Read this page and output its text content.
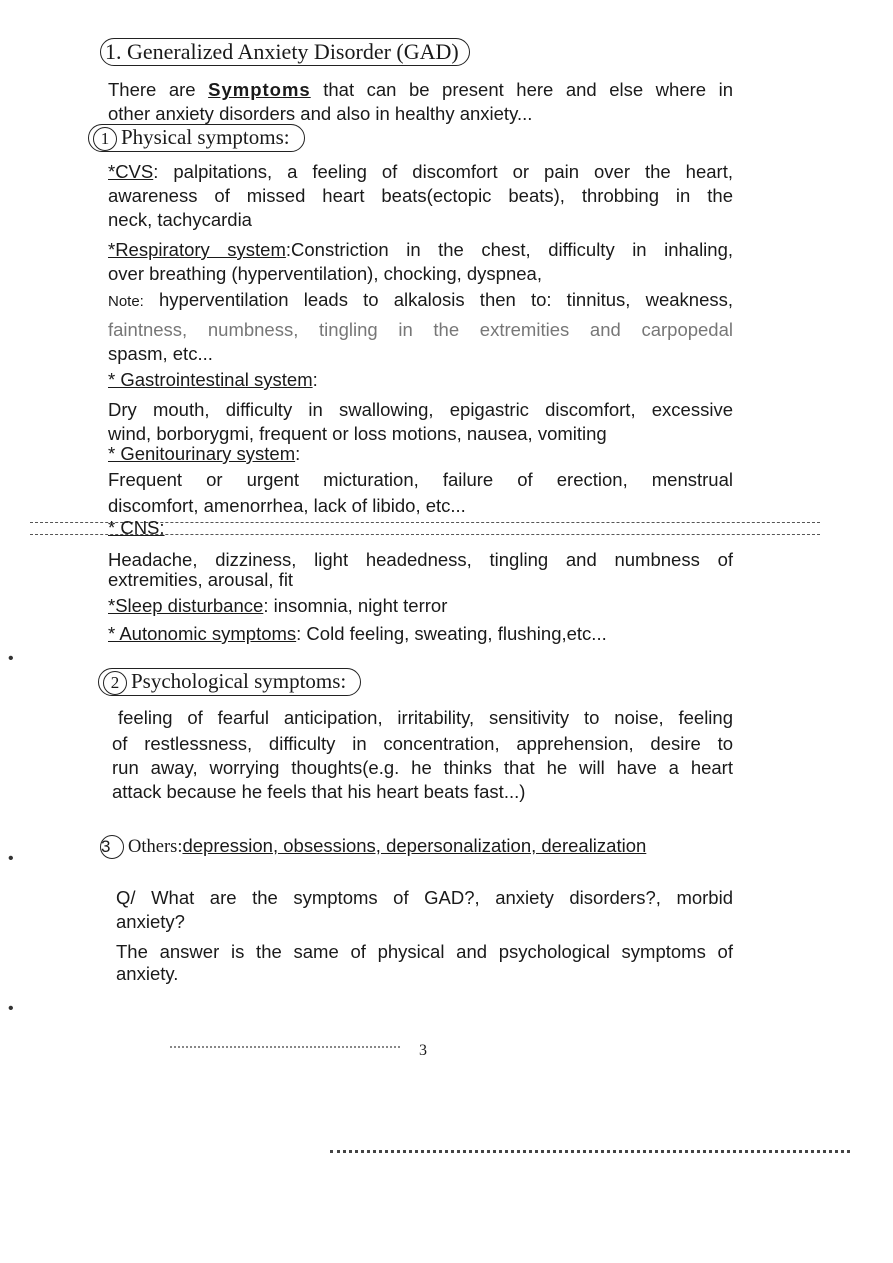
1. Generalized Anxiety Disorder (GAD)
There are Symptoms that can be present here and else where in
other anxiety disorders and also in healthy anxiety...
1 Physical symptoms:
*CVS: palpitations, a feeling of discomfort or pain over the heart,
awareness of missed heart beats(ectopic beats), throbbing in the
neck, tachycardia
*Respiratory system:Constriction in the chest, difficulty in inhaling,
over breathing (hyperventilation), chocking, dyspnea,
Note: hyperventilation leads to alkalosis then to: tinnitus, weakness,
faintness, numbness, tingling in the extremities and carpopedal
spasm, etc...
* Gastrointestinal system:
Dry mouth, difficulty in swallowing, epigastric discomfort, excessive
wind, borborygmi, frequent or loss motions, nausea, vomiting
* Genitourinary system:
Frequent or urgent micturation, failure of erection, menstrual
discomfort, amenorrhea, lack of libido, etc...
* CNS:
Headache, dizziness, light headedness, tingling and numbness of
extremities, arousal, fit
*Sleep disturbance: insomnia, night terror
* Autonomic symptoms: Cold feeling, sweating, flushing,etc...
2 Psychological symptoms:
feeling of fearful anticipation, irritability, sensitivity to noise, feeling
of restlessness, difficulty in concentration, apprehension, desire to
run away, worrying thoughts(e.g. he thinks that he will have a heart
attack because he feels that his heart beats fast...)
3 Others:depression, obsessions, depersonalization, derealization
Q/ What are the symptoms of GAD?, anxiety disorders?, morbid
anxiety?
The answer is the same of physical and psychological symptoms of
anxiety.
3
•
•
•
